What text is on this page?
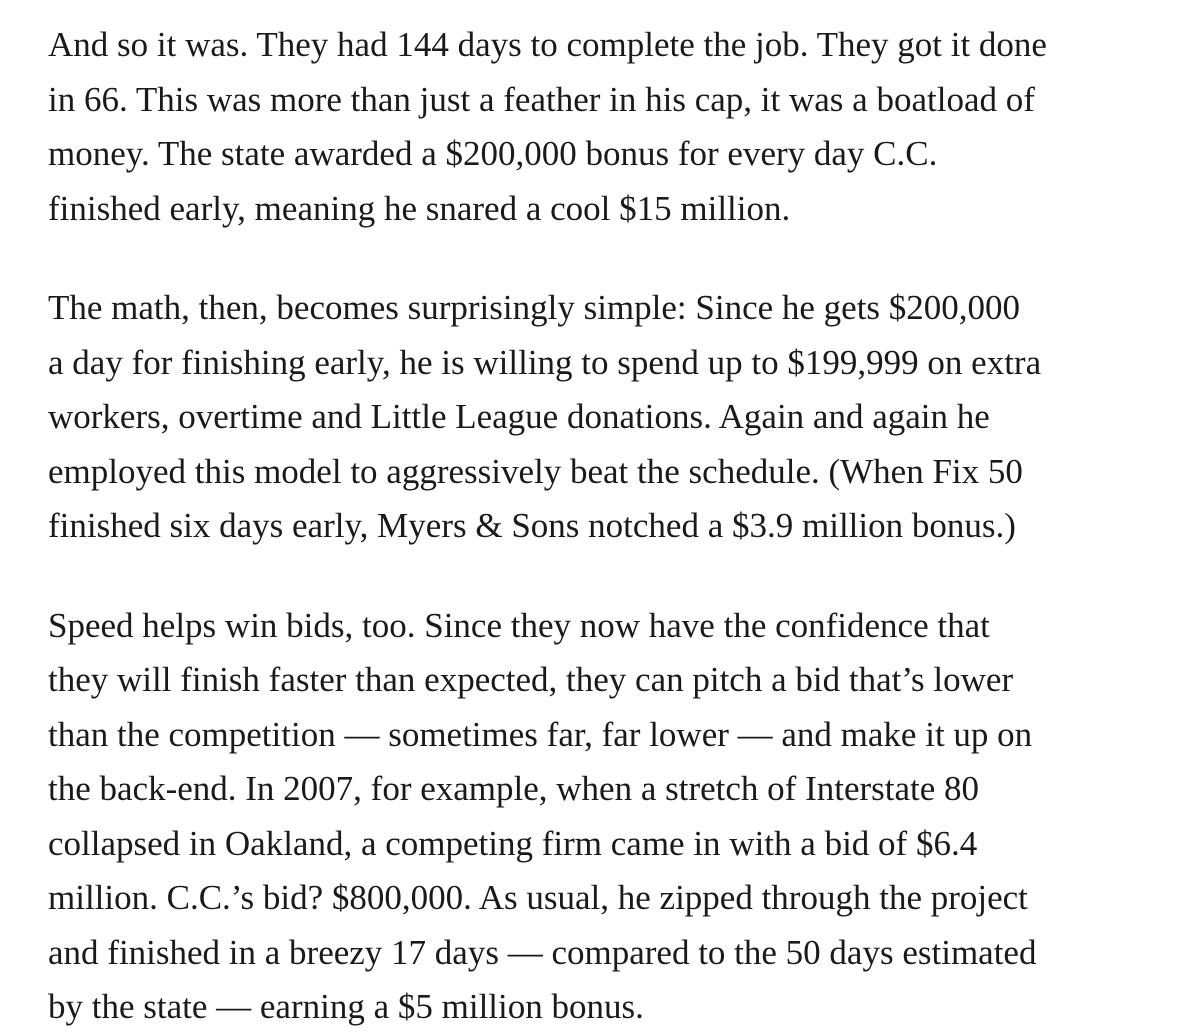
And so it was. They had 144 days to complete the job. They got it done
in 66. This was more than just a feather in his cap, it was a boatload of
money. The state awarded a $200,000 bonus for every day C.C.
finished early, meaning he snared a cool $15 million.

The math, then, becomes surprisingly simple: Since he gets $200,000
a day for finishing early, he is willing to spend up to $199,999 on extra
workers, overtime and Little League donations. Again and again he
employed this model to aggressively beat the schedule. (When Fix 50
finished six days early, Myers & Sons notched a $3.9 million bonus.)

Speed helps win bids, too. Since they now have the confidence that
they will finish faster than expected, they can pitch a bid that’s lower
than the competition — sometimes far, far lower — and make it up on
the back-end. In 2007, for example, when a stretch of Interstate 80
collapsed in Oakland, a competing firm came in with a bid of $6.4
million. C.C.’s bid? $800,000. As usual, he zipped through the project
and finished in a breezy 17 days — compared to the 50 days estimated
by the state — earning a $5 million bonus.
